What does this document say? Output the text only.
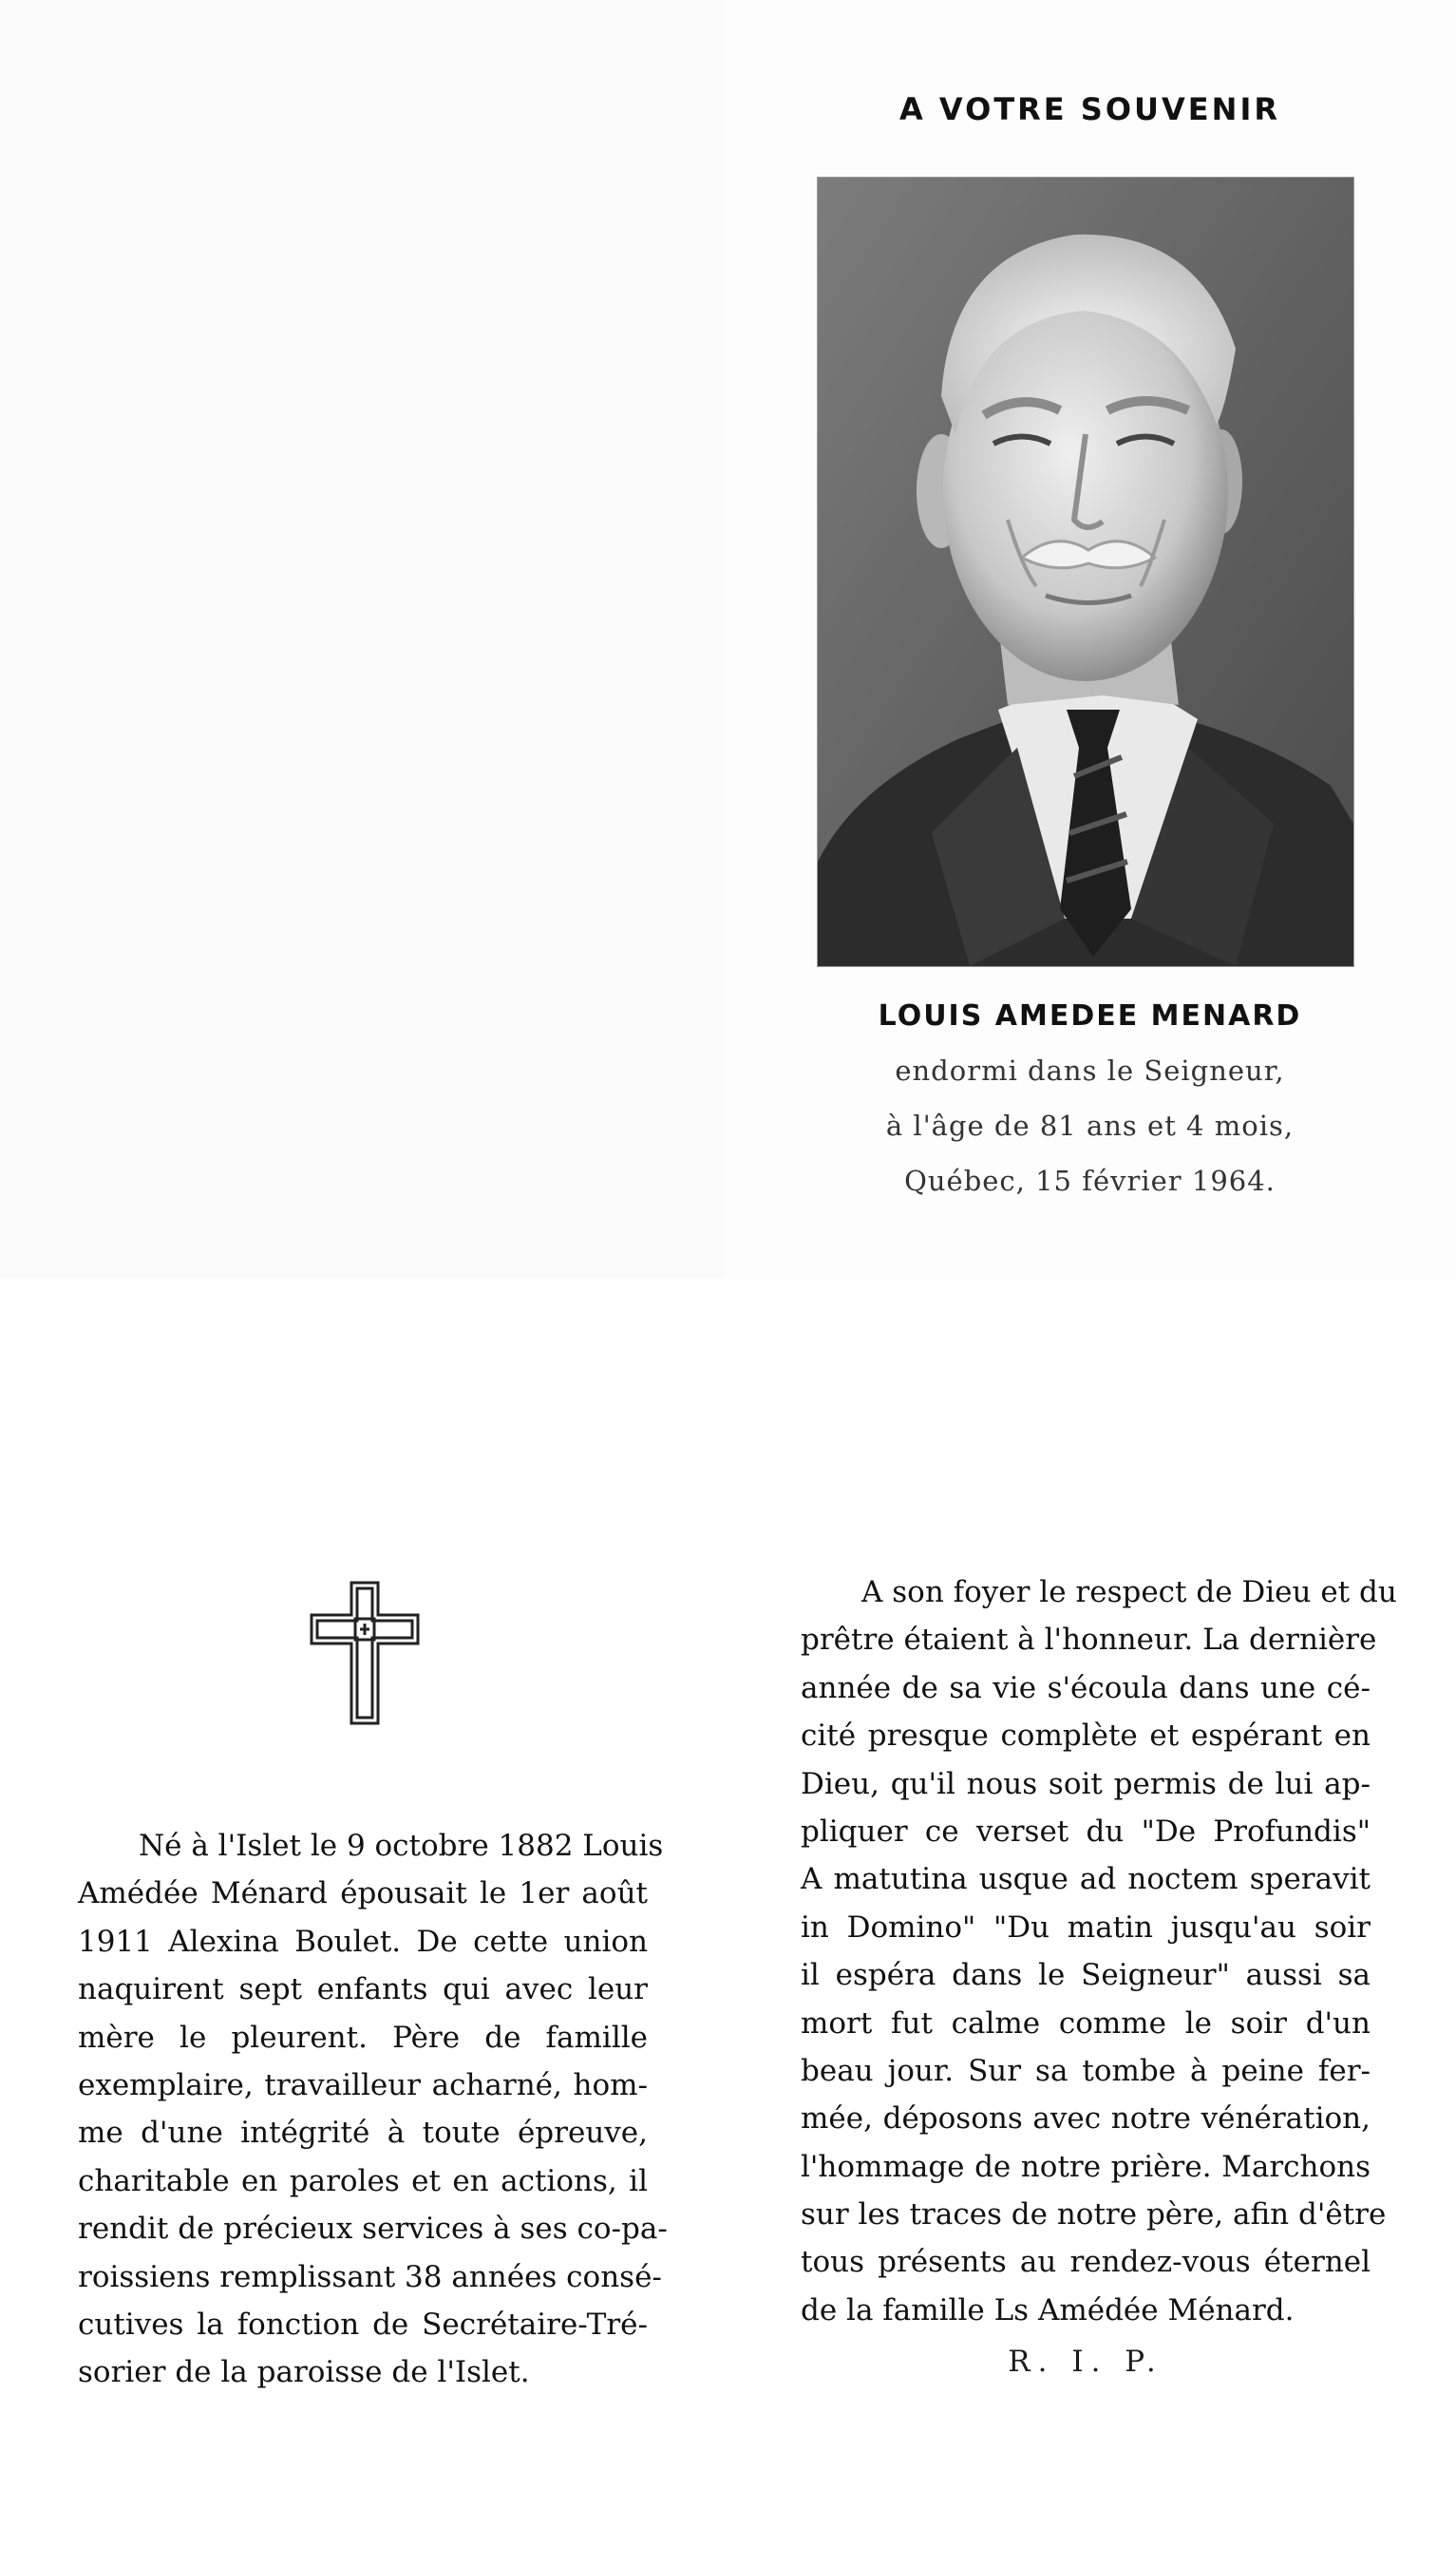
A VOTRE SOUVENIR
LOUIS AMEDEE MENARD
endormi dans le Seigneur,
à l'âge de 81 ans et 4 mois,
Québec, 15 février 1964.
Né à l'Islet le 9 octobre 1882 Louis
Amédée Ménard épousait le 1er août
1911 Alexina Boulet. De cette union
naquirent sept enfants qui avec leur
mère le pleurent. Père de famille
exemplaire, travailleur acharné, hom-
me d'une intégrité à toute épreuve,
charitable en paroles et en actions, il
rendit de précieux services à ses co-pa-
roissiens remplissant 38 années consé-
cutives la fonction de Secrétaire-Tré-
sorier de la paroisse de l'Islet.
A son foyer le respect de Dieu et du
prêtre étaient à l'honneur. La dernière
année de sa vie s'écoula dans une cé-
cité presque complète et espérant en
Dieu, qu'il nous soit permis de lui ap-
pliquer ce verset du "De Profundis"
A matutina usque ad noctem speravit
in Domino" "Du matin jusqu'au soir
il espéra dans le Seigneur" aussi sa
mort fut calme comme le soir d'un
beau jour. Sur sa tombe à peine fer-
mée, déposons avec notre vénération,
l'hommage de notre prière. Marchons
sur les traces de notre père, afin d'être
tous présents au rendez-vous éternel
de la famille Ls Amédée Ménard.
R. I. P.
